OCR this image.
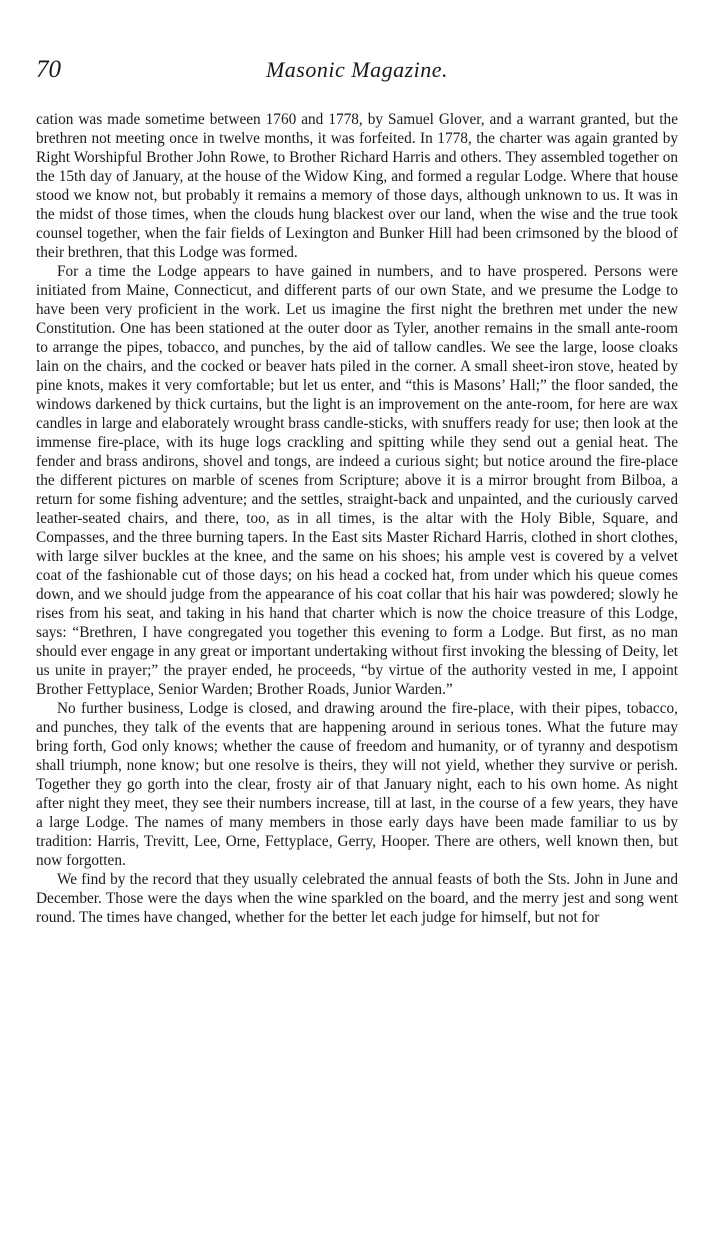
70	Masonic Magazine.

cation was made sometime between 1760 and 1778, by Samuel Glover, and a warrant granted, but the brethren not meeting once in twelve months, it was forfeited. In 1778, the charter was again granted by Right Worshipful Brother John Rowe, to Brother Richard Harris and others. They assembled together on the 15th day of January, at the house of the Widow King, and formed a regular Lodge. Where that house stood we know not, but probably it remains a memory of those days, although unknown to us. It was in the midst of those times, when the clouds hung blackest over our land, when the wise and the true took counsel together, when the fair fields of Lexington and Bunker Hill had been crimsoned by the blood of their brethren, that this Lodge was formed.

For a time the Lodge appears to have gained in numbers, and to have prospered. Persons were initiated from Maine, Connecticut, and different parts of our own State, and we presume the Lodge to have been very proficient in the work. Let us imagine the first night the brethren met under the new Constitution. One has been stationed at the outer door as Tyler, another remains in the small ante-room to arrange the pipes, tobacco, and punches, by the aid of tallow candles. We see the large, loose cloaks lain on the chairs, and the cocked or beaver hats piled in the corner. A small sheet-iron stove, heated by pine knots, makes it very comfortable; but let us enter, and “this is Masons’ Hall;” the floor sanded, the windows darkened by thick curtains, but the light is an improvement on the ante-room, for here are wax candles in large and elaborately wrought brass candle-sticks, with snuffers ready for use; then look at the immense fire-place, with its huge logs crackling and spitting while they send out a genial heat. The fender and brass andirons, shovel and tongs, are indeed a curious sight; but notice around the fire-place the different pictures on marble of scenes from Scripture; above it is a mirror brought from Bilboa, a return for some fishing adventure; and the settles, straight-back and unpainted, and the curiously carved leather-seated chairs, and there, too, as in all times, is the altar with the Holy Bible, Square, and Compasses, and the three burning tapers. In the East sits Master Richard Harris, clothed in short clothes, with large silver buckles at the knee, and the same on his shoes; his ample vest is covered by a velvet coat of the fashionable cut of those days; on his head a cocked hat, from under which his queue comes down, and we should judge from the appearance of his coat collar that his hair was powdered; slowly he rises from his seat, and taking in his hand that charter which is now the choice treasure of this Lodge, says: “Brethren, I have congregated you together this evening to form a Lodge. But first, as no man should ever engage in any great or important undertaking without first invoking the blessing of Deity, let us unite in prayer;” the prayer ended, he proceeds, “by virtue of the authority vested in me, I appoint Brother Fettyplace, Senior Warden; Brother Roads, Junior Warden.”

No further business, Lodge is closed, and drawing around the fire-place, with their pipes, tobacco, and punches, they talk of the events that are happening around in serious tones. What the future may bring forth, God only knows; whether the cause of freedom and humanity, or of tyranny and despotism shall triumph, none know; but one resolve is theirs, they will not yield, whether they survive or perish. Together they go gorth into the clear, frosty air of that January night, each to his own home. As night after night they meet, they see their numbers increase, till at last, in the course of a few years, they have a large Lodge. The names of many members in those early days have been made familiar to us by tradition: Harris, Trevitt, Lee, Orne, Fettyplace, Gerry, Hooper. There are others, well known then, but now forgotten.

We find by the record that they usually celebrated the annual feasts of both the Sts. John in June and December. Those were the days when the wine sparkled on the board, and the merry jest and song went round. The times have changed, whether for the better let each judge for himself, but not for
